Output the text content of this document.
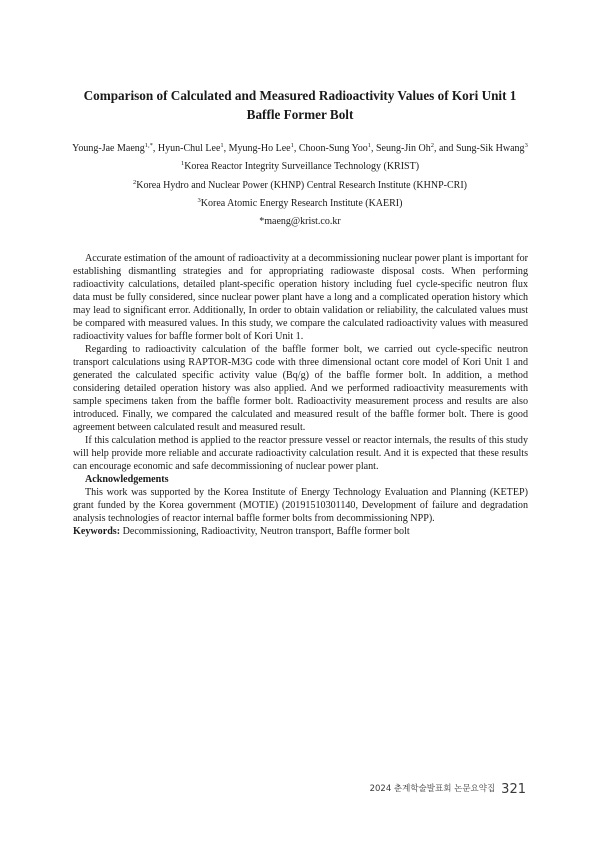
Comparison of Calculated and Measured Radioactivity Values of Kori Unit 1
Baffle Former Bolt
Young-Jae Maeng$^{1,*}$, Hyun-Chul Lee$^1$, Myung-Ho Lee$^1$, Choon-Sung Yoo$^1$, Seung-Jin Oh$^2$, and Sung-Sik Hwang$^3$
$^1$Korea Reactor Integrity Surveillance Technology (KRIST)
$^2$Korea Hydro and Nuclear Power (KHNP) Central Research Institute (KHNP-CRI)
$^3$Korea Atomic Energy Research Institute (KAERI)
*maeng@krist.co.kr

Accurate estimation of the amount of radioactivity at a decommissioning nuclear power plant is important for establishing dismantling strategies and for appropriating radiowaste disposal costs. When performing radioactivity calculations, detailed plant-specific operation history including fuel cycle-specific neutron flux data must be fully considered, since nuclear power plant have a long and a complicated operation history which may lead to significant error. Additionally, In order to obtain validation or reliability, the calculated values must be compared with measured values. In this study, we compare the calculated radioactivity values with measured radioactivity values for baffle former bolt of Kori Unit 1.

Regarding to radioactivity calculation of the baffle former bolt, we carried out cycle-specific neutron transport calculations using RAPTOR-M3G code with three dimensional octant core model of Kori Unit 1 and generated the calculated specific activity value (Bq/g) of the baffle former bolt. In addition, a method considering detailed operation history was also applied. And we performed radioactivity measurements with sample specimens taken from the baffle former bolt. Radioactivity measurement process and results are also introduced. Finally, we compared the calculated and measured result of the baffle former bolt. There is good agreement between calculated result and measured result.

If this calculation method is applied to the reactor pressure vessel or reactor internals, the results of this study will help provide more reliable and accurate radioactivity calculation result. And it is expected that these results can encourage economic and safe decommissioning of nuclear power plant.

Acknowledgements

This work was supported by the Korea Institute of Energy Technology Evaluation and Planning (KETEP) grant funded by the Korea government (MOTIE) (20191510301140, Development of failure and degradation analysis technologies of reactor internal baffle former bolts from decommissioning NPP).

Keywords: Decommissioning, Radioactivity, Neutron transport, Baffle former bolt

2024 춘계학술발표회 논문요약집 321
